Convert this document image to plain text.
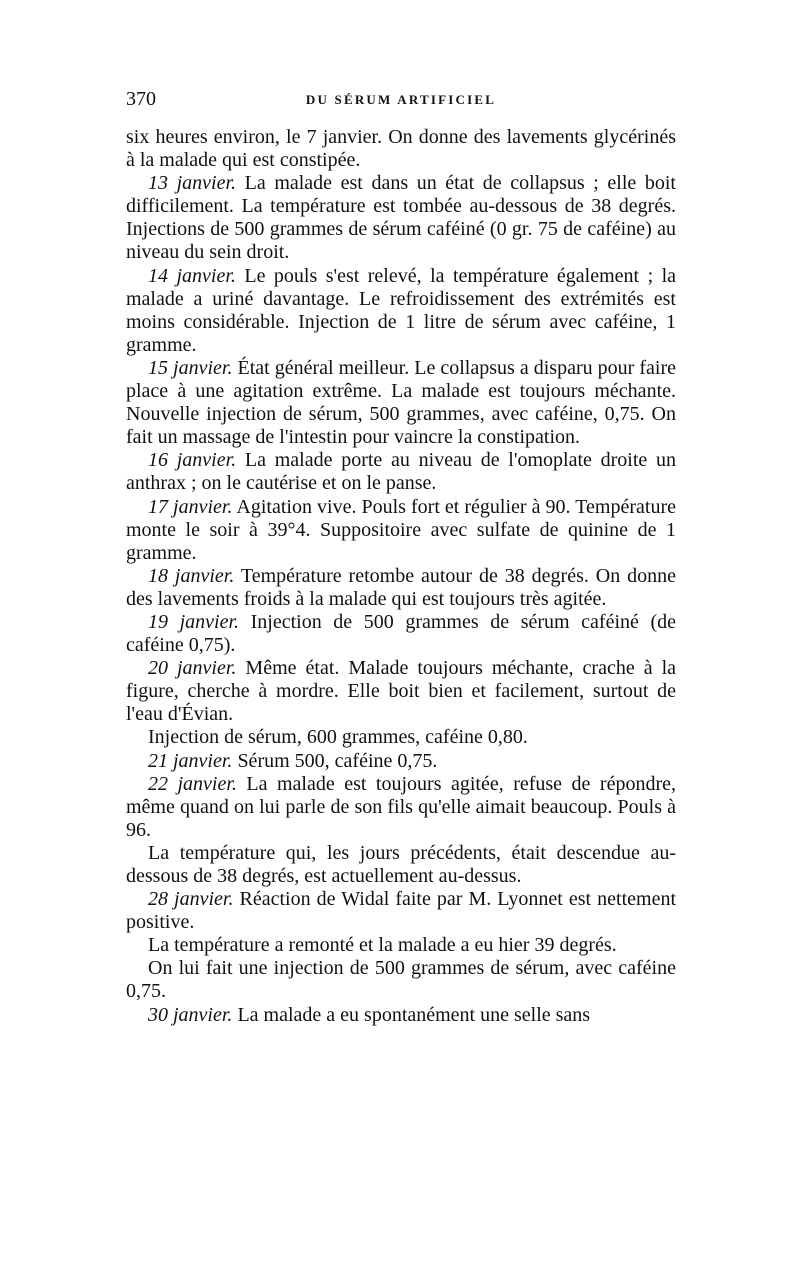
370	DU SÉRUM ARTIFICIEL

six heures environ, le 7 janvier. On donne des lavements glycérinés à la malade qui est constipée.

13 janvier. La malade est dans un état de collapsus ; elle boit difficilement. La température est tombée au-dessous de 38 degrés. Injections de 500 grammes de sérum caféiné (0 gr. 75 de caféine) au niveau du sein droit.

14 janvier. Le pouls s'est relevé, la température également ; la malade a uriné davantage. Le refroidissement des extrémités est moins considérable. Injection de 1 litre de sérum avec caféine, 1 gramme.

15 janvier. État général meilleur. Le collapsus a disparu pour faire place à une agitation extrême. La malade est toujours méchante. Nouvelle injection de sérum, 500 grammes, avec caféine, 0,75. On fait un massage de l'intestin pour vaincre la constipation.

16 janvier. La malade porte au niveau de l'omoplate droite un anthrax ; on le cautérise et on le panse.

17 janvier. Agitation vive. Pouls fort et régulier à 90. Température monte le soir à 39°4. Suppositoire avec sulfate de quinine de 1 gramme.

18 janvier. Température retombe autour de 38 degrés. On donne des lavements froids à la malade qui est toujours très agitée.

19 janvier. Injection de 500 grammes de sérum caféiné (de caféine 0,75).

20 janvier. Même état. Malade toujours méchante, crache à la figure, cherche à mordre. Elle boit bien et facilement, surtout de l'eau d'Évian.

Injection de sérum, 600 grammes, caféine 0,80.

21 janvier. Sérum 500, caféine 0,75.

22 janvier. La malade est toujours agitée, refuse de répondre, même quand on lui parle de son fils qu'elle aimait beaucoup. Pouls à 96.

La température qui, les jours précédents, était descendue au-dessous de 38 degrés, est actuellement au-dessus.

28 janvier. Réaction de Widal faite par M. Lyonnet est nettement positive.

La température a remonté et la malade a eu hier 39 degrés.

On lui fait une injection de 500 grammes de sérum, avec caféine 0,75.

30 janvier. La malade a eu spontanément une selle sans
